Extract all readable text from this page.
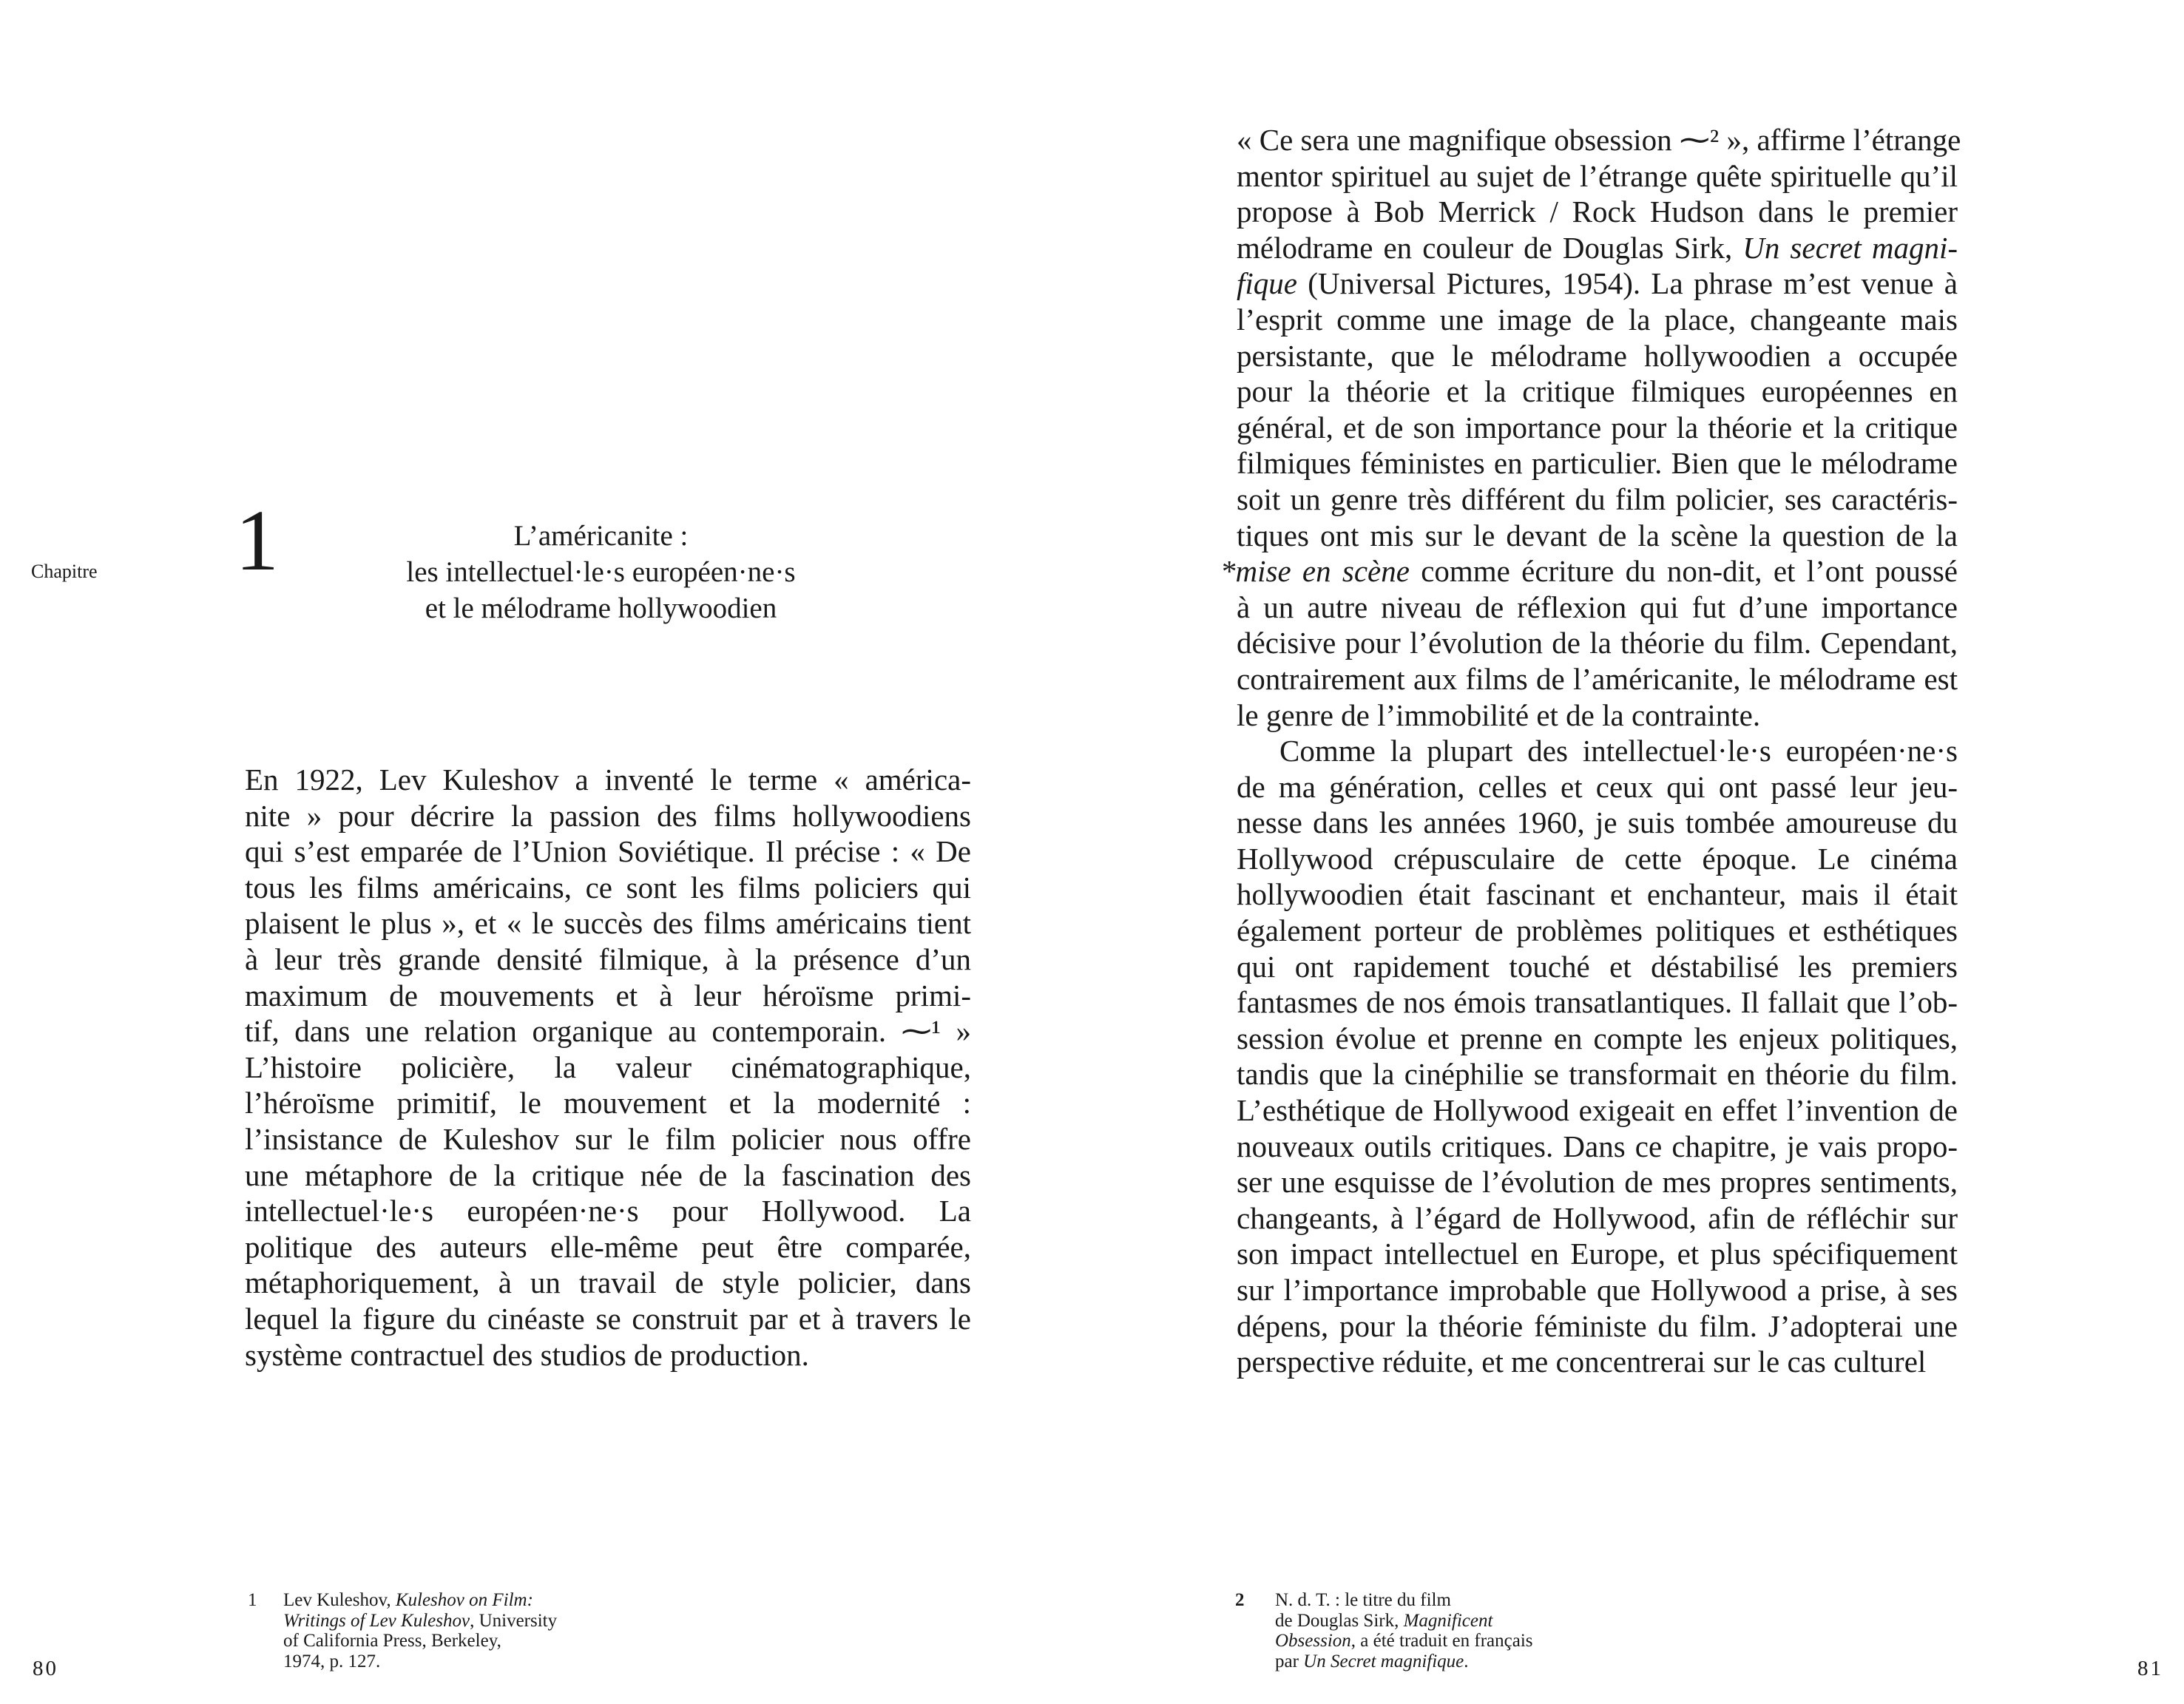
Chapitre 1	L’américanite :
les intellectuel·le·s européen·ne·s
et le mélodrame hollywoodien
En 1922, Lev Kuleshov a inventé le terme « américa-
nite » pour décrire la passion des films hollywoodiens
qui s’est emparée de l’Union Soviétique. Il précise : « De
tous les films américains, ce sont les films policiers qui
plaisent le plus », et « le succès des films américains tient
à leur très grande densité filmique, à la présence d’un
maximum de mouvements et à leur héroïsme primi-
tif, dans une relation organique au contemporain. ⁓¹ »
L’histoire policière, la valeur cinématographique,
l’héroïsme primitif, le mouvement et la modernité :
l’insistance de Kuleshov sur le film policier nous offre
une métaphore de la critique née de la fascination des
intellectuel·le·s européen·ne·s pour Hollywood. La
politique des auteurs elle-même peut être comparée,
métaphoriquement, à un travail de style policier, dans
lequel la figure du cinéaste se construit par et à travers le
système contractuel des studios de production.
1 Lev Kuleshov, Kuleshov on Film:
Writings of Lev Kuleshov, University
of California Press, Berkeley,
1974, p. 127.
80
« Ce sera une magnifique obsession ⁓² », affirme l’étrange
mentor spirituel au sujet de l’étrange quête spirituelle qu’il
propose à Bob Merrick / Rock Hudson dans le premier
mélodrame en couleur de Douglas Sirk, Un secret magni-
fique (Universal Pictures, 1954). La phrase m’est venue à
l’esprit comme une image de la place, changeante mais
persistante, que le mélodrame hollywoodien a occupée
pour la théorie et la critique filmiques européennes en
général, et de son importance pour la théorie et la critique
filmiques féministes en particulier. Bien que le mélodrame
soit un genre très différent du film policier, ses caractéris-
tiques ont mis sur le devant de la scène la question de la
*mise en scène comme écriture du non-dit, et l’ont poussé
à un autre niveau de réflexion qui fut d’une importance
décisive pour l’évolution de la théorie du film. Cependant,
contrairement aux films de l’américanite, le mélodrame est
le genre de l’immobilité et de la contrainte.
Comme la plupart des intellectuel·le·s européen·ne·s
de ma génération, celles et ceux qui ont passé leur jeu-
nesse dans les années 1960, je suis tombée amoureuse du
Hollywood crépusculaire de cette époque. Le cinéma
hollywoodien était fascinant et enchanteur, mais il était
également porteur de problèmes politiques et esthétiques
qui ont rapidement touché et déstabilisé les premiers
fantasmes de nos émois transatlantiques. Il fallait que l’ob-
session évolue et prenne en compte les enjeux politiques,
tandis que la cinéphilie se transformait en théorie du film.
L’esthétique de Hollywood exigeait en effet l’invention de
nouveaux outils critiques. Dans ce chapitre, je vais propo-
ser une esquisse de l’évolution de mes propres sentiments,
changeants, à l’égard de Hollywood, afin de réfléchir sur
son impact intellectuel en Europe, et plus spécifiquement
sur l’importance improbable que Hollywood a prise, à ses
dépens, pour la théorie féministe du film. J’adopterai une
perspective réduite, et me concentrerai sur le cas culturel
2 N. d. T. : le titre du film
de Douglas Sirk, Magnificent
Obsession, a été traduit en français
par Un Secret magnifique.	81
